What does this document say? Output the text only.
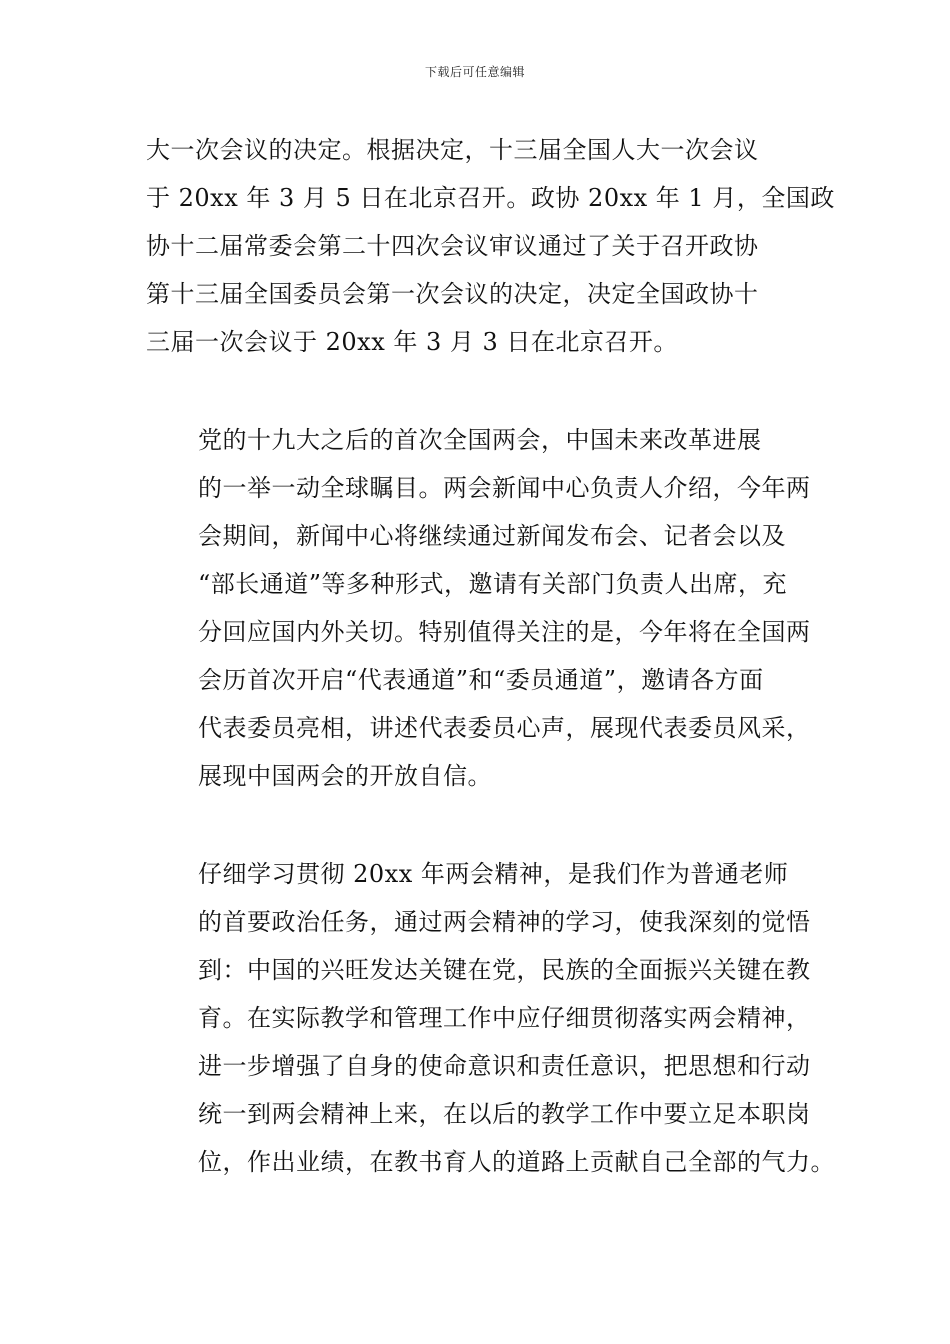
下载后可任意编辑

大一次会议的决定。根据决定，十三届全国人大一次会议
于 20xx 年 3 月 5 日在北京召开。政协 20xx 年 1 月，全国政
协十二届常委会第二十四次会议审议通过了关于召开政协
第十三届全国委员会第一次会议的决定，决定全国政协十
三届一次会议于 20xx 年 3 月 3 日在北京召开。

党的十九大之后的首次全国两会，中国未来改革进展
的一举一动全球瞩目。两会新闻中心负责人介绍，今年两
会期间，新闻中心将继续通过新闻发布会、记者会以及
“部长通道”等多种形式，邀请有关部门负责人出席，充
分回应国内外关切。特别值得关注的是，今年将在全国两
会历首次开启“代表通道”和“委员通道”，邀请各方面
代表委员亮相，讲述代表委员心声，展现代表委员风采，
展现中国两会的开放自信。

仔细学习贯彻 20xx 年两会精神，是我们作为普通老师
的首要政治任务，通过两会精神的学习，使我深刻的觉悟
到：中国的兴旺发达关键在党，民族的全面振兴关键在教
育。在实际教学和管理工作中应仔细贯彻落实两会精神，
进一步增强了自身的使命意识和责任意识，把思想和行动
统一到两会精神上来，在以后的教学工作中要立足本职岗
位，作出业绩，在教书育人的道路上贡献自己全部的气力。
